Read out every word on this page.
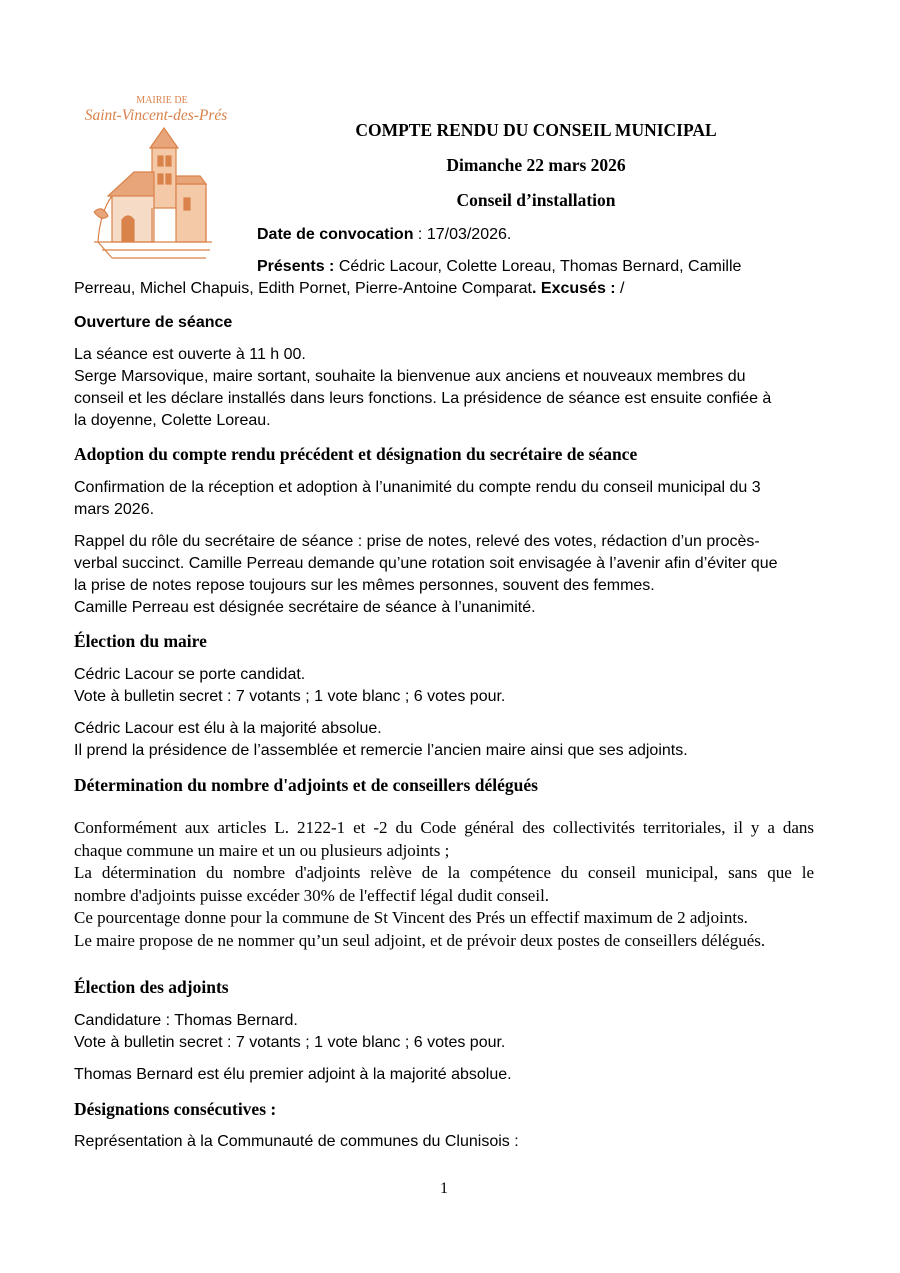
MAIRIE DE
Saint-Vincent-des-Prés
COMPTE RENDU DU CONSEIL MUNICIPAL
Dimanche 22 mars 2026
Conseil d’installation
Date de convocation : 17/03/2026.
Présents : Cédric Lacour, Colette Loreau, Thomas Bernard, Camille
Perreau, Michel Chapuis, Edith Pornet, Pierre-Antoine Comparat. Excusés : /
Ouverture de séance
La séance est ouverte à 11 h 00.
Serge Marsovique, maire sortant, souhaite la bienvenue aux anciens et nouveaux membres du
conseil et les déclare installés dans leurs fonctions. La présidence de séance est ensuite confiée à
la doyenne, Colette Loreau.
Adoption du compte rendu précédent et désignation du secrétaire de séance
Confirmation de la réception et adoption à l’unanimité du compte rendu du conseil municipal du 3
mars 2026.
Rappel du rôle du secrétaire de séance : prise de notes, relevé des votes, rédaction d’un procès-
verbal succinct. Camille Perreau demande qu’une rotation soit envisagée à l’avenir afin d’éviter que
la prise de notes repose toujours sur les mêmes personnes, souvent des femmes.
Camille Perreau est désignée secrétaire de séance à l’unanimité.
Élection du maire
Cédric Lacour se porte candidat.
Vote à bulletin secret : 7 votants ; 1 vote blanc ; 6 votes pour.
Cédric Lacour est élu à la majorité absolue.
Il prend la présidence de l’assemblée et remercie l’ancien maire ainsi que ses adjoints.
Détermination du nombre d'adjoints et de conseillers délégués
Conformément aux articles L. 2122-1 et -2 du Code général des collectivités territoriales, il y a dans
chaque commune un maire et un ou plusieurs adjoints ;
La détermination du nombre d'adjoints relève de la compétence du conseil municipal, sans que le
nombre d'adjoints puisse excéder 30% de l'effectif légal dudit conseil.
Ce pourcentage donne pour la commune de St Vincent des Prés un effectif maximum de 2 adjoints.
Le maire propose de ne nommer qu’un seul adjoint, et de prévoir deux postes de conseillers délégués.
Élection des adjoints
Candidature : Thomas Bernard.
Vote à bulletin secret : 7 votants ; 1 vote blanc ; 6 votes pour.
Thomas Bernard est élu premier adjoint à la majorité absolue.
Désignations consécutives :
Représentation à la Communauté de communes du Clunisois :
1
